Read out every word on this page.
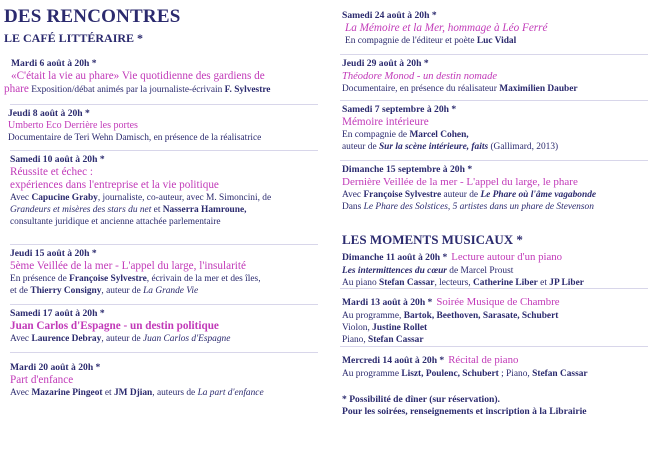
DES RENCONTRES
LE CAFÉ LITTÉRAIRE *
Mardi 6 août à 20h *
«C'était la vie au phare» Vie quotidienne des gardiens de
phare Exposition/débat animés par la journaliste-écrivain F. Sylvestre
Jeudi 8 août à 20h *
Umberto Eco Derrière les portes
Documentaire de Teri Wehn Damisch, en présence de la réalisatrice
Samedi 10 août à 20h *
Réussite et échec :
expériences dans l'entreprise et la vie politique
Avec Capucine Graby, journaliste, co-auteur, avec M. Simoncini, de
Grandeurs et misères des stars du net et Nasserra Hamroune,
consultante juridique et ancienne attachée parlementaire
Jeudi 15 août à 20h *
5ème Veillée de la mer - L'appel du large, l'insularité
En présence de Françoise Sylvestre, écrivain de la mer et des îles,
et de Thierry Consigny, auteur de La Grande Vie
Samedi 17 août à 20h *
Juan Carlos d'Espagne - un destin politique
Avec Laurence Debray, auteur de Juan Carlos d'Espagne
Mardi 20 août à 20h *
Part d'enfance
Avec Mazarine Pingeot et JM Djian, auteurs de La part d'enfance
Samedi 24 août à 20h *
La Mémoire et la Mer, hommage à Léo Ferré
En compagnie de l'éditeur et poète Luc Vidal
Jeudi 29 août à 20h *
Théodore Monod - un destin nomade
Documentaire, en présence du réalisateur Maximilien Dauber
Samedi 7 septembre à 20h *
Mémoire intérieure
En compagnie de Marcel Cohen,
auteur de Sur la scène intérieure, faits (Gallimard, 2013)
Dimanche 15 septembre à 20h *
Dernière Veillée de la mer - L'appel du large, le phare
Avec Françoise Sylvestre auteur de Le Phare où l'âme vagabonde
Dans Le Phare des Solstices, 5 artistes dans un phare de Stevenson
LES MOMENTS MUSICAUX *
Dimanche 11 août à 20h * Lecture autour d'un piano
Les intermittences du cœur de Marcel Proust
Au piano Stefan Cassar, lecteurs, Catherine Liber et JP Liber
Mardi 13 août à 20h * Soirée Musique de Chambre
Au programme, Bartok, Beethoven, Sarasate, Schubert
Violon, Justine Rollet
Piano, Stefan Cassar
Mercredi 14 août à 20h * Récital de piano
Au programme Liszt, Poulenc, Schubert ; Piano, Stefan Cassar
* Possibilité de dîner (sur réservation).
Pour les soirées, renseignements et inscription à la Librairie
